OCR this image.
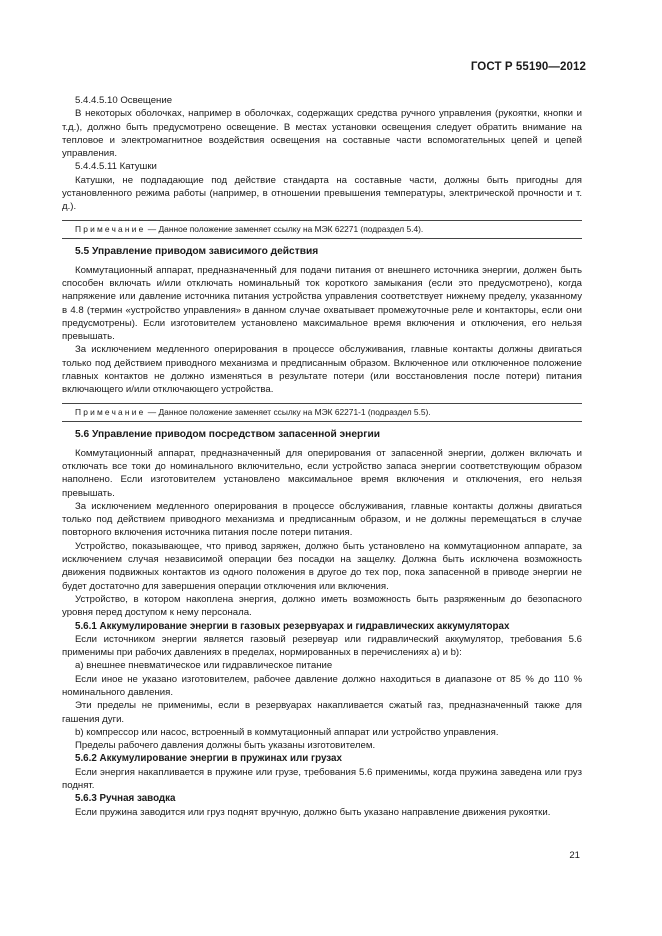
ГОСТ Р 55190—2012

5.4.4.5.10 Освещение

В некоторых оболочках, например в оболочках, содержащих средства ручного управления (рукоятки, кнопки и т.д.), должно быть предусмотрено освещение. В местах установки освещения следует обратить внимание на тепловое и электромагнитное воздействия освещения на составные части вспомогательных цепей и цепей управления.

5.4.4.5.11 Катушки

Катушки, не подпадающие под действие стандарта на составные части, должны быть пригодны для установленного режима работы (например, в отношении превышения температуры, электрической прочности и т. д.).

Примечание — Данное положение заменяет ссылку на МЭК 62271 (подраздел 5.4).
5.5 Управление приводом зависимого действия

Коммутационный аппарат, предназначенный для подачи питания от внешнего источника энергии, должен быть способен включать и/или отключать номинальный ток короткого замыкания (если это предусмотрено), когда напряжение или давление источника питания устройства управления соответствует нижнему пределу, указанному в 4.8 (термин «устройство управления» в данном случае охватывает промежуточные реле и контакторы, если они предусмотрены). Если изготовителем установлено максимальное время включения и отключения, его нельзя превышать.

За исключением медленного оперирования в процессе обслуживания, главные контакты должны двигаться только под действием приводного механизма и предписанным образом. Включенное или отключенное положение главных контактов не должно изменяться в результате потери (или восстановления после потери) питания включающего и/или отключающего устройства.

Примечание — Данное положение заменяет ссылку на МЭК 62271-1 (подраздел 5.5).
5.6 Управление приводом посредством запасенной энергии

Коммутационный аппарат, предназначенный для оперирования от запасенной энергии, должен включать и отключать все токи до номинального включительно, если устройство запаса энергии соответствующим образом наполнено. Если изготовителем установлено максимальное время включения и отключения, его нельзя превышать.

За исключением медленного оперирования в процессе обслуживания, главные контакты должны двигаться только под действием приводного механизма и предписанным образом, и не должны перемещаться в случае повторного включения источника питания после потери питания.

Устройство, показывающее, что привод заряжен, должно быть установлено на коммутационном аппарате, за исключением случая независимой операции без посадки на защелку. Должна быть исключена возможность движения подвижных контактов из одного положения в другое до тех пор, пока запасенной в приводе энергии не будет достаточно для завершения операции отключения или включения.

Устройство, в котором накоплена энергия, должно иметь возможность быть разряженным до безопасного уровня перед доступом к нему персонала.

5.6.1 Аккумулирование энергии в газовых резервуарах и гидравлических аккумуляторах

Если источником энергии является газовый резервуар или гидравлический аккумулятор, требования 5.6 применимы при рабочих давлениях в пределах, нормированных в перечислениях a) и b):

a) внешнее пневматическое или гидравлическое питание

Если иное не указано изготовителем, рабочее давление должно находиться в диапазоне от 85 % до 110 % номинального давления.

Эти пределы не применимы, если в резервуарах накапливается сжатый газ, предназначенный также для гашения дуги.

b) компрессор или насос, встроенный в коммутационный аппарат или устройство управления.

Пределы рабочего давления должны быть указаны изготовителем.

5.6.2 Аккумулирование энергии в пружинах или грузах

Если энергия накапливается в пружине или грузе, требования 5.6 применимы, когда пружина заведена или груз поднят.

5.6.3 Ручная заводка

Если пружина заводится или груз поднят вручную, должно быть указано направление движения рукоятки.

21
